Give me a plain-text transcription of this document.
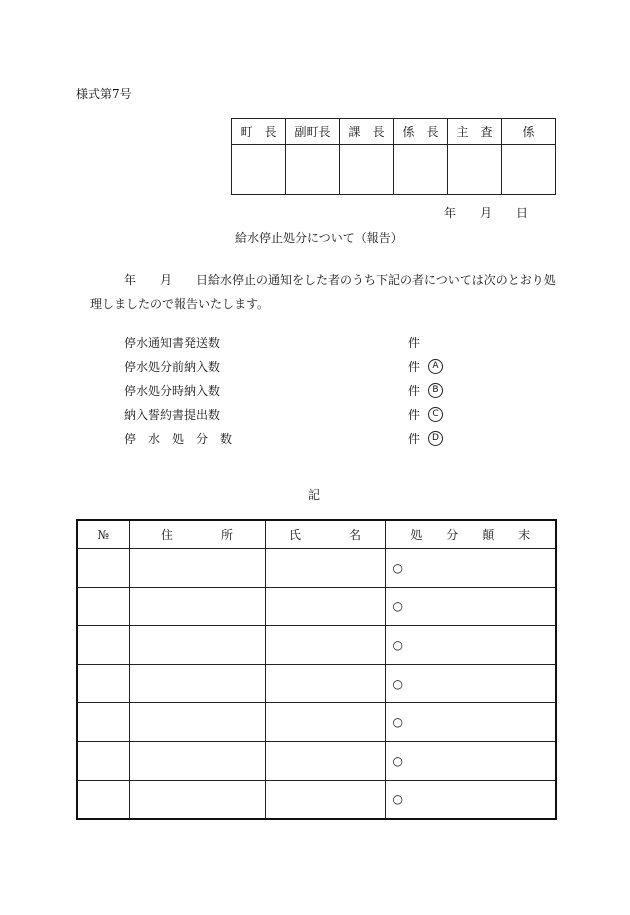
様式第7号
町　長	副町長	課　長	係　長	主　査	係

年　　月　　日
給水停止処分について（報告）
年　　月　　日給水停止の通知をした者のうち下記の者については次のとおり処
理しましたので報告いたします。
停水通知書発送数	件
停水処分前納入数	件	A
停水処分時納入数	件	B
納入誓約書提出数	件	C
停　水　処　分　数	件	D
記
№	住　　　　所	氏　　　　名	処　　分　　顛　　末
			○
			○
			○
			○
			○
			○
			○
